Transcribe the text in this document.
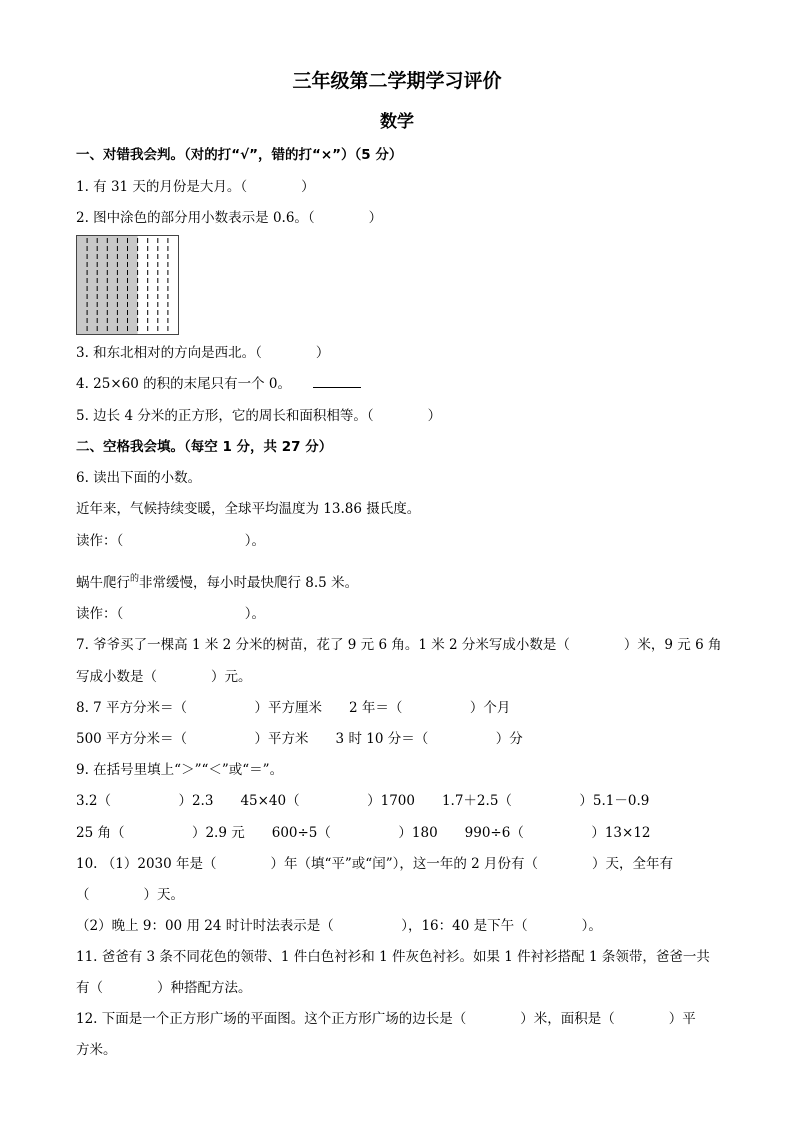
三年级第二学期学习评价
数学
一、对错我会判。（对的打“√”，错的打“×”）（5 分）
1. 有 31 天的月份是大月。（　　　　）
2. 图中涂色的部分用小数表示是 0.6。（　　　　）
3. 和东北相对的方向是西北。（　　　　）
4. 25×60 的积的末尾只有一个 0。
5. 边长 4 分米的正方形，它的周长和面积相等。（　　　　）
二、空格我会填。（每空 1 分，共 27 分）
6. 读出下面的小数。
近年来，气候持续变暖，全球平均温度为 13.86 摄氏度。
读作：（　　　　　　　　　）。
蜗牛爬行$^的$非常缓慢，每小时最快爬行 8.5 米。
读作：（　　　　　　　　　）。
7. 爷爷买了一棵高 1 米 2 分米的树苗，花了 9 元 6 角。1 米 2 分米写成小数是（　　　　）米，9 元 6 角
写成小数是（　　　　）元。
8. 7 平方分米＝（　　　　　）平方厘米　　2 年＝（　　　　　）个月
500 平方分米＝（　　　　　）平方米　　3 时 10 分＝（　　　　　）分
9. 在括号里填上“＞”“＜”或“＝”。
3.2（　　　　　）2.3　　45×40（　　　　　）1700　　1.7＋2.5（　　　　　）5.1－0.9
25 角（　　　　　）2.9 元　　600÷5（　　　　　）180　　990÷6（　　　　　）13×12
10. （1）2030 年是（　　　　）年（填“平”或“闰”），这一年的 2 月份有（　　　　）天，全年有
（　　　　）天。
（2）晚上 9：00 用 24 时计时法表示是（　　　　　），16：40 是下午（　　　　）。
11. 爸爸有 3 条不同花色的领带、1 件白色衬衫和 1 件灰色衬衫。如果 1 件衬衫搭配 1 条领带，爸爸一共
有（　　　　）种搭配方法。
12. 下面是一个正方形广场的平面图。这个正方形广场的边长是（　　　　）米，面积是（　　　　）平
方米。
